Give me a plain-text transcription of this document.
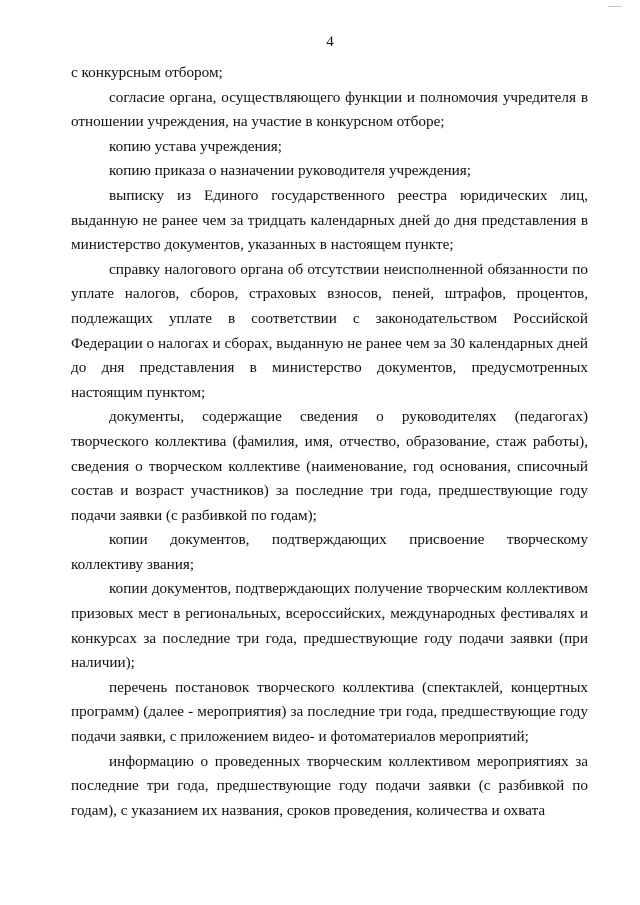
4

с конкурсным отбором;

согласие органа, осуществляющего функции и полномочия учредителя в отношении учреждения, на участие в конкурсном отборе;

копию устава учреждения;

копию приказа о назначении руководителя учреждения;

выписку из Единого государственного реестра юридических лиц, выданную не ранее чем за тридцать календарных дней до дня представления в министерство документов, указанных в настоящем пункте;

справку налогового органа об отсутствии неисполненной обязанности по уплате налогов, сборов, страховых взносов, пеней, штрафов, процентов, подлежащих уплате в соответствии с законодательством Российской Федерации о налогах и сборах, выданную не ранее чем за 30 календарных дней до дня представления в министерство документов, предусмотренных настоящим пунктом;

документы, содержащие сведения о руководителях (педагогах) творческого коллектива (фамилия, имя, отчество, образование, стаж работы), сведения о творческом коллективе (наименование, год основания, списочный состав и возраст участников) за последние три года, предшествующие году подачи заявки (с разбивкой по годам);

копии документов, подтверждающих присвоение творческому коллективу звания;

копии документов, подтверждающих получение творческим коллективом призовых мест в региональных, всероссийских, международных фестивалях и конкурсах за последние три года, предшествующие году подачи заявки (при наличии);

перечень постановок творческого коллектива (спектаклей, концертных программ) (далее - мероприятия) за последние три года, предшествующие году подачи заявки, с приложением видео- и фотоматериалов мероприятий;

информацию о проведенных творческим коллективом мероприятиях за последние три года, предшествующие году подачи заявки (с разбивкой по годам), с указанием их названия, сроков проведения, количества и охвата
